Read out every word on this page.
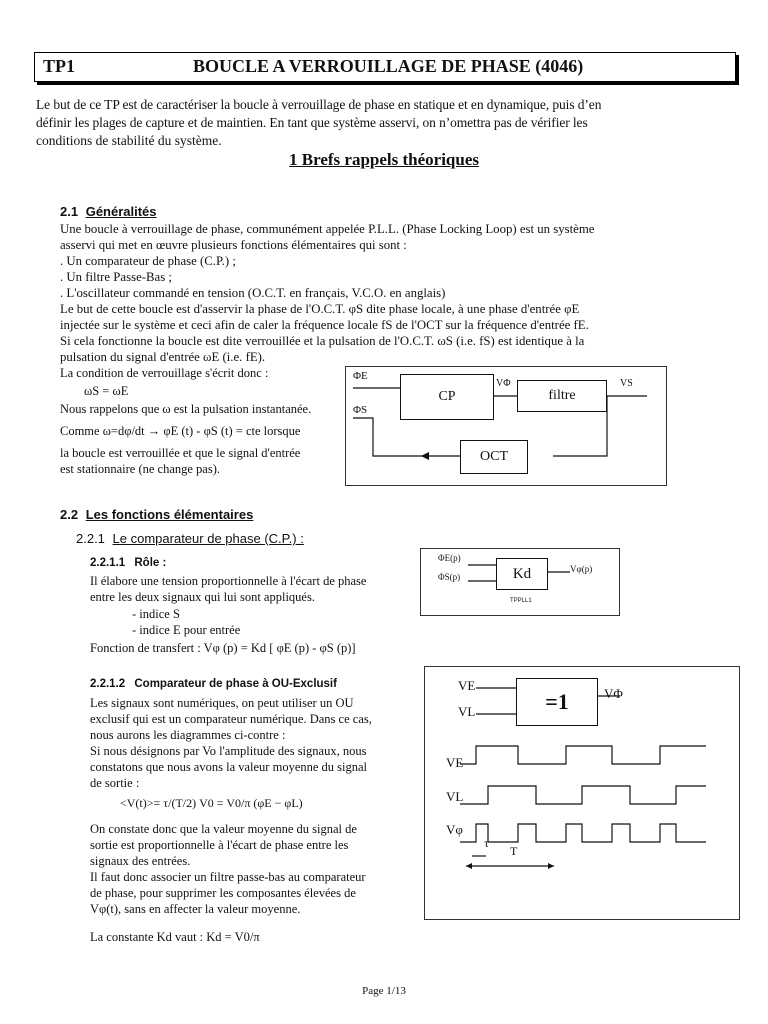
TP1	BOUCLE A VERROUILLAGE DE PHASE (4046)
Le but de ce TP est de caractériser la boucle à verrouillage de phase en statique et en dynamique, puis d’en
définir les plages de capture et de maintien. En tant que système asservi, on n’omettra pas de vérifier les
conditions de stabilité du système.
1 Brefs rappels théoriques
2.1 Généralités
Une boucle à verrouillage de phase, communément appelée P.L.L. (Phase Locking Loop) est un système
asservi qui met en œuvre plusieurs fonctions élémentaires qui sont :
. Un comparateur de phase (C.P.) ;
. Un filtre Passe-Bas ;
. L'oscillateur commandé en tension (O.C.T. en français, V.C.O. en anglais)
Le but de cette boucle est d'asservir la phase de l'O.C.T. φS dite phase locale, à une phase d'entrée φE
injectée sur le système et ceci afin de caler la fréquence locale fS de l'OCT sur la fréquence d'entrée fE.
Si cela fonctionne la boucle est dite verrouillée et la pulsation de l'O.C.T. ωS (i.e. fS) est identique à la
pulsation du signal d'entrée ωE (i.e. fE).
La condition de verrouillage s'écrit donc :
ωS = ωE
Nous rappelons que ω est la pulsation instantanée.
Comme ω=dφ/dt → φE (t) - φS (t) = cte lorsque
la boucle est verrouillée et que le signal d'entrée
est stationnaire (ne change pas).
ΦE
ΦS
CP	filtre
OCT
VΦ	VS
2.2 Les fonctions élémentaires
2.2.1 Le comparateur de phase (C.P.) :
2.2.1.1 Rôle :
Il élabore une tension proportionnelle à l'écart de phase
entre les deux signaux qui lui sont appliqués.
- indice S
- indice E pour entrée
Fonction de transfert : Vφ (p) = Kd [ φE (p) - φS (p)]
ΦE(p)
ΦS(p)	Kd	Vφ(p)
TPPLL1
2.2.1.2 Comparateur de phase à OU-Exclusif
Les signaux sont numériques, on peut utiliser un OU
exclusif qui est un comparateur numérique. Dans ce cas,
nous aurons les diagrammes ci-contre :
Si nous désignons par Vo l'amplitude des signaux, nous
constatons que nous avons la valeur moyenne du signal
de sortie :
<V(t)>= τ/(T/2) V0 = V0/π (φE − φL)
On constate donc que la valeur moyenne du signal de
sortie est proportionnelle à l'écart de phase entre les
signaux des entrées.
Il faut donc associer un filtre passe-bas au comparateur
de phase, pour supprimer les composantes élevées de
Vφ(t), sans en affecter la valeur moyenne.
La constante Kd vaut : Kd = V0/π
=1
VE
VL
VΦ
VE
VL
Vφ
τ
T
Page 1/13
